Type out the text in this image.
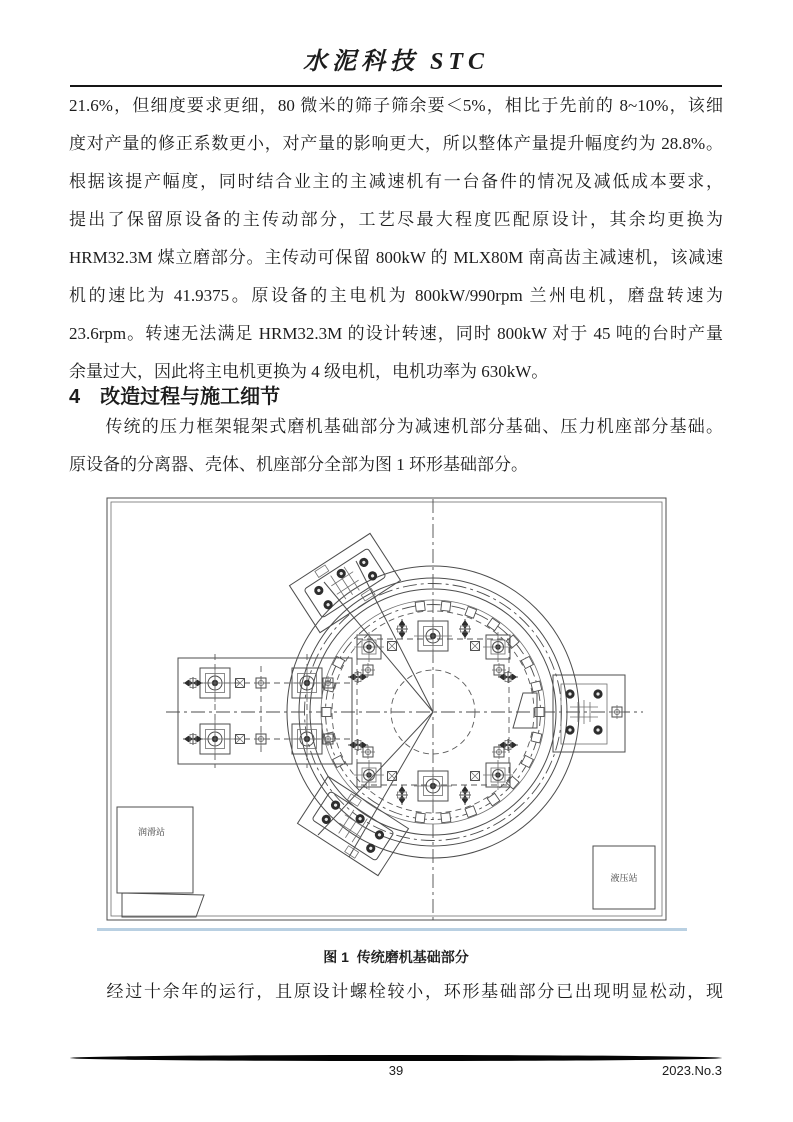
水泥科技 STC
21.6%，但细度要求更细，80 微米的筛子筛余要＜5%，相比于先前的 8~10%，该细
度对产量的修正系数更小，对产量的影响更大，所以整体产量提升幅度约为 28.8%。
根据该提产幅度，同时结合业主的主减速机有一台备件的情况及减低成本要求，
提出了保留原设备的主传动部分，工艺尽最大程度匹配原设计，其余均更换为
HRM32.3M 煤立磨部分。主传动可保留 800kW 的 MLX80M 南高齿主减速机，该减速
机的速比为 41.9375。原设备的主电机为 800kW/990rpm 兰州电机，磨盘转速为
23.6rpm。转速无法满足 HRM32.3M 的设计转速，同时 800kW 对于 45 吨的台时产量
余量过大，因此将主电机更换为 4 级电机，电机功率为 630kW。
4　改造过程与施工细节
　　传统的压力框架辊架式磨机基础部分为减速机部分基础、压力机座部分基础。
原设备的分离器、壳体、机座部分全部为图 1 环形基础部分。
润滑站
液压站
图 1  传统磨机基础部分
　　经过十余年的运行，且原设计螺栓较小，环形基础部分已出现明显松动，现
39	2023.No.3
